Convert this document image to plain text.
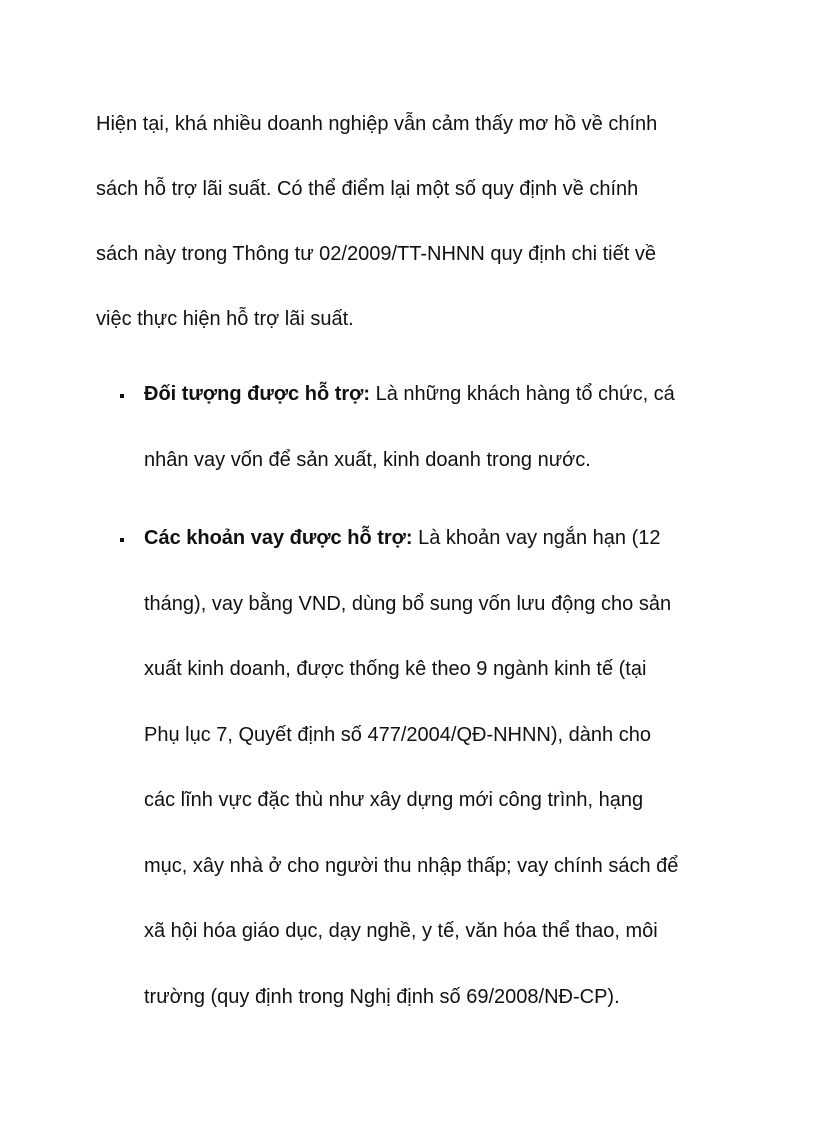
Hiện tại, khá nhiều doanh nghiệp vẫn cảm thấy mơ hồ về chính
sách hỗ trợ lãi suất. Có thể điểm lại một số quy định về chính
sách này trong Thông tư 02/2009/TT-NHNN quy định chi tiết về
việc thực hiện hỗ trợ lãi suất.

Đối tượng được hỗ trợ: Là những khách hàng tổ chức, cá
nhân vay vốn để sản xuất, kinh doanh trong nước.
Các khoản vay được hỗ trợ: Là khoản vay ngắn hạn (12
tháng), vay bằng VND, dùng bổ sung vốn lưu động cho sản
xuất kinh doanh, được thống kê theo 9 ngành kinh tế (tại
Phụ lục 7, Quyết định số 477/2004/QĐ-NHNN), dành cho
các lĩnh vực đặc thù như xây dựng mới công trình, hạng
mục, xây nhà ở cho người thu nhập thấp; vay chính sách để
xã hội hóa giáo dục, dạy nghề, y tế, văn hóa thể thao, môi
trường (quy định trong Nghị định số 69/2008/NĐ-CP).
